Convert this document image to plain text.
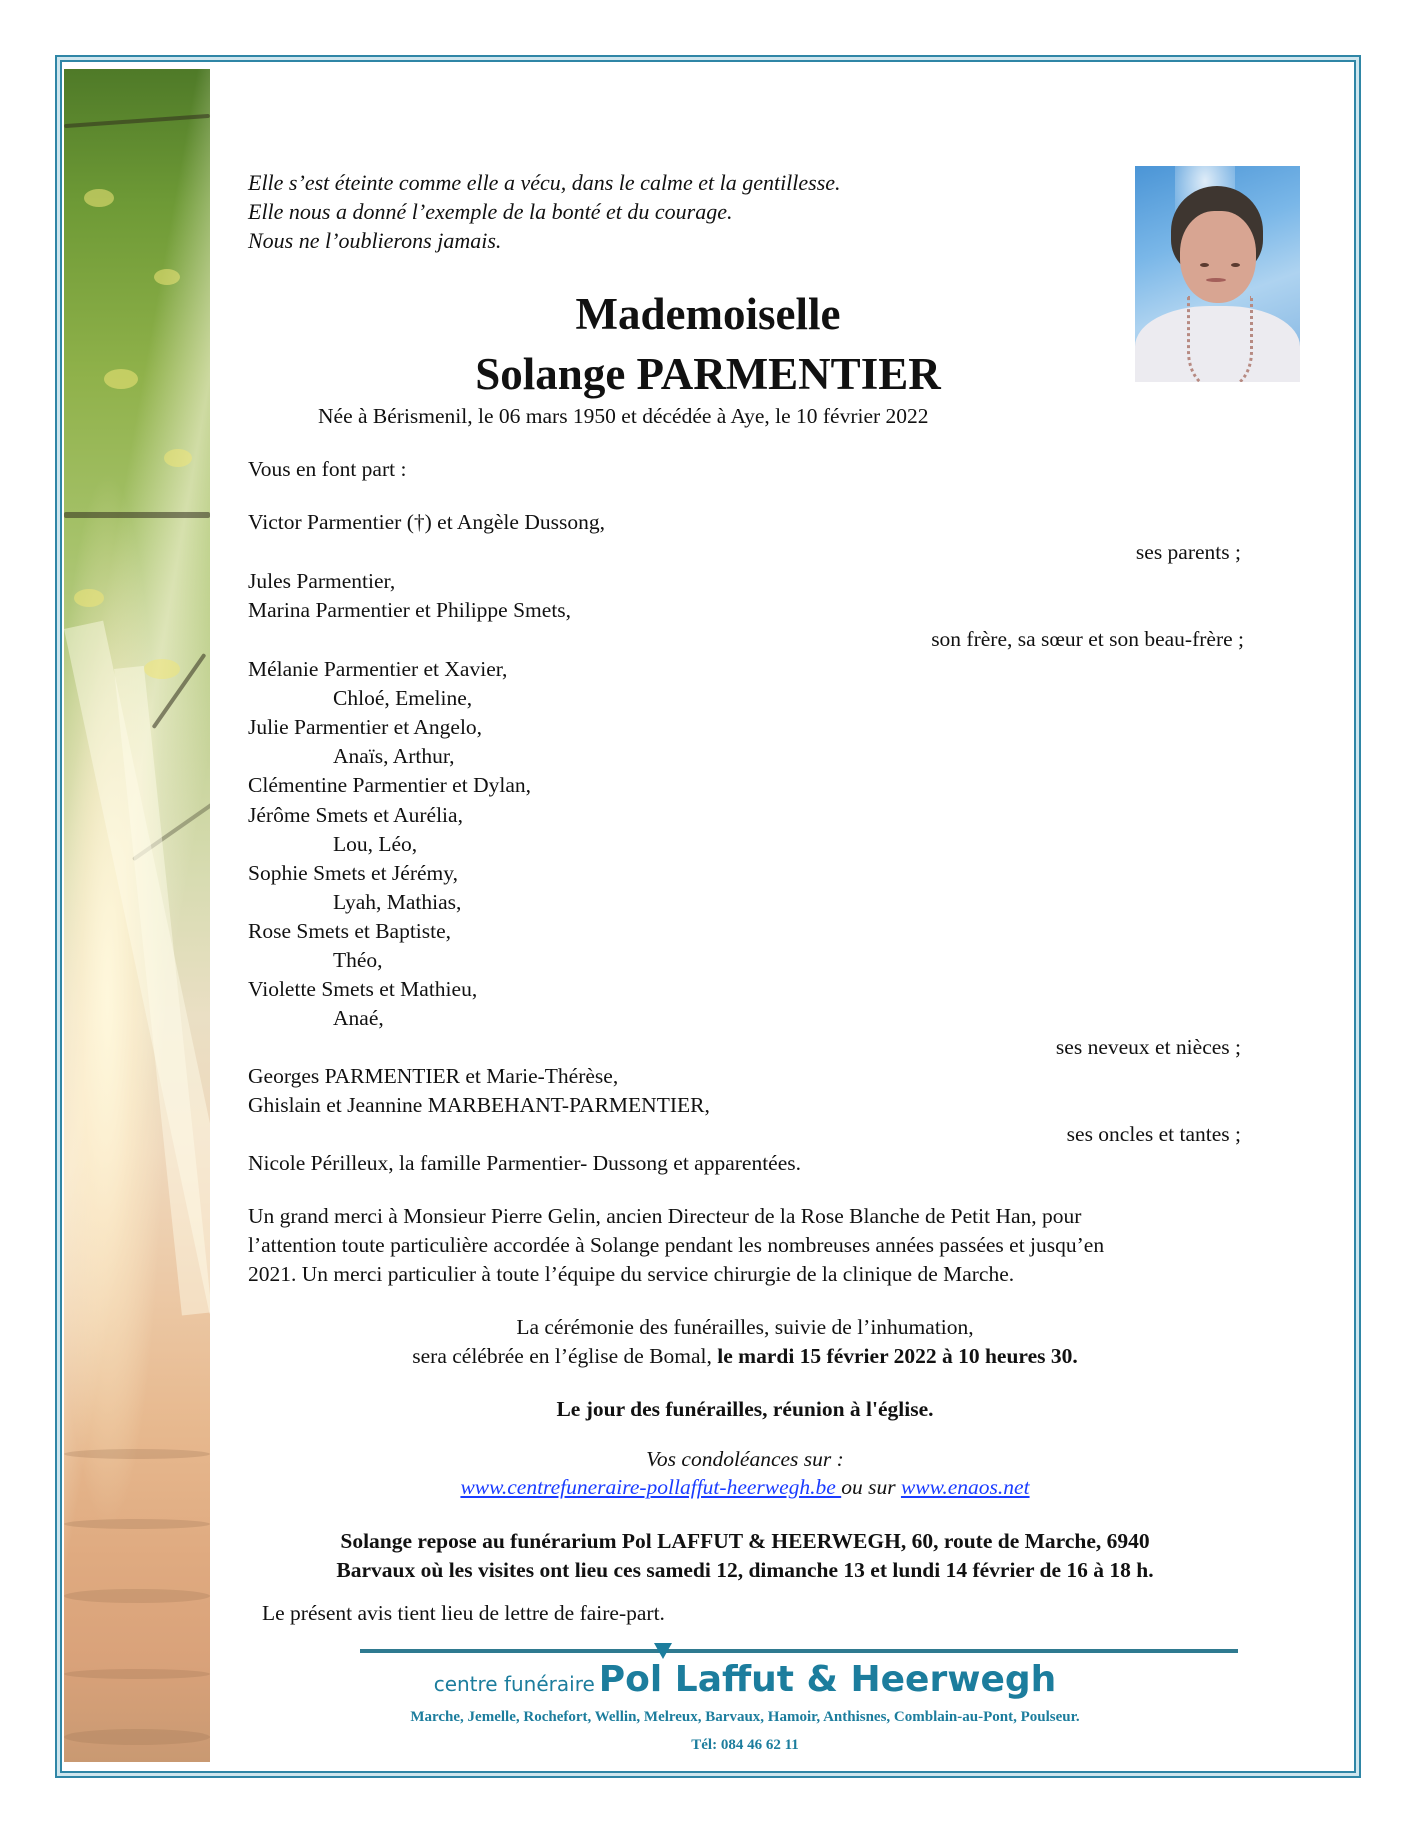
Elle s’est éteinte comme elle a vécu, dans le calme et la gentillesse.
Elle nous a donné l’exemple de la bonté et du courage.
Nous ne l’oublierons jamais.
Mademoiselle
Solange PARMENTIER
Née à Bérismenil, le 06 mars 1950 et décédée à Aye, le 10 février 2022
Vous en font part :
Victor Parmentier (†) et Angèle Dussong,
ses parents ;
Jules Parmentier,
Marina Parmentier et Philippe Smets,
son frère, sa sœur et son beau-frère ;
Mélanie Parmentier et Xavier,
Chloé, Emeline,
Julie Parmentier et Angelo,
Anaïs, Arthur,
Clémentine Parmentier et Dylan,
Jérôme Smets et Aurélia,
Lou, Léo,
Sophie Smets et Jérémy,
Lyah, Mathias,
Rose Smets et Baptiste,
Théo,
Violette Smets et Mathieu,
Anaé,
ses neveux et nièces ;
Georges PARMENTIER et Marie-Thérèse,
Ghislain et Jeannine MARBEHANT-PARMENTIER,
ses oncles et tantes ;
Nicole Périlleux, la famille Parmentier- Dussong et apparentées.
Un grand merci à Monsieur Pierre Gelin, ancien Directeur de la Rose Blanche de Petit Han, pour
l’attention toute particulière accordée à Solange pendant les nombreuses années passées et jusqu’en
2021. Un merci particulier à toute l’équipe du service chirurgie de la clinique de Marche.
La cérémonie des funérailles, suivie de l’inhumation,
sera célébrée en l’église de Bomal, le mardi 15 février 2022 à 10 heures 30.
Le jour des funérailles, réunion à l'église.
Vos condoléances sur :
www.centrefuneraire-pollaffut-heerwegh.be ou sur www.enaos.net
Solange repose au funérarium Pol LAFFUT & HEERWEGH, 60, route de Marche, 6940
Barvaux où les visites ont lieu ces samedi 12, dimanche 13 et lundi 14 février de 16 à 18 h.
Le présent avis tient lieu de lettre de faire-part.
centre funéraire Pol Laffut & Heerwegh
Marche, Jemelle, Rochefort, Wellin, Melreux, Barvaux, Hamoir, Anthisnes, Comblain-au-Pont, Poulseur.
Tél: 084 46 62 11
